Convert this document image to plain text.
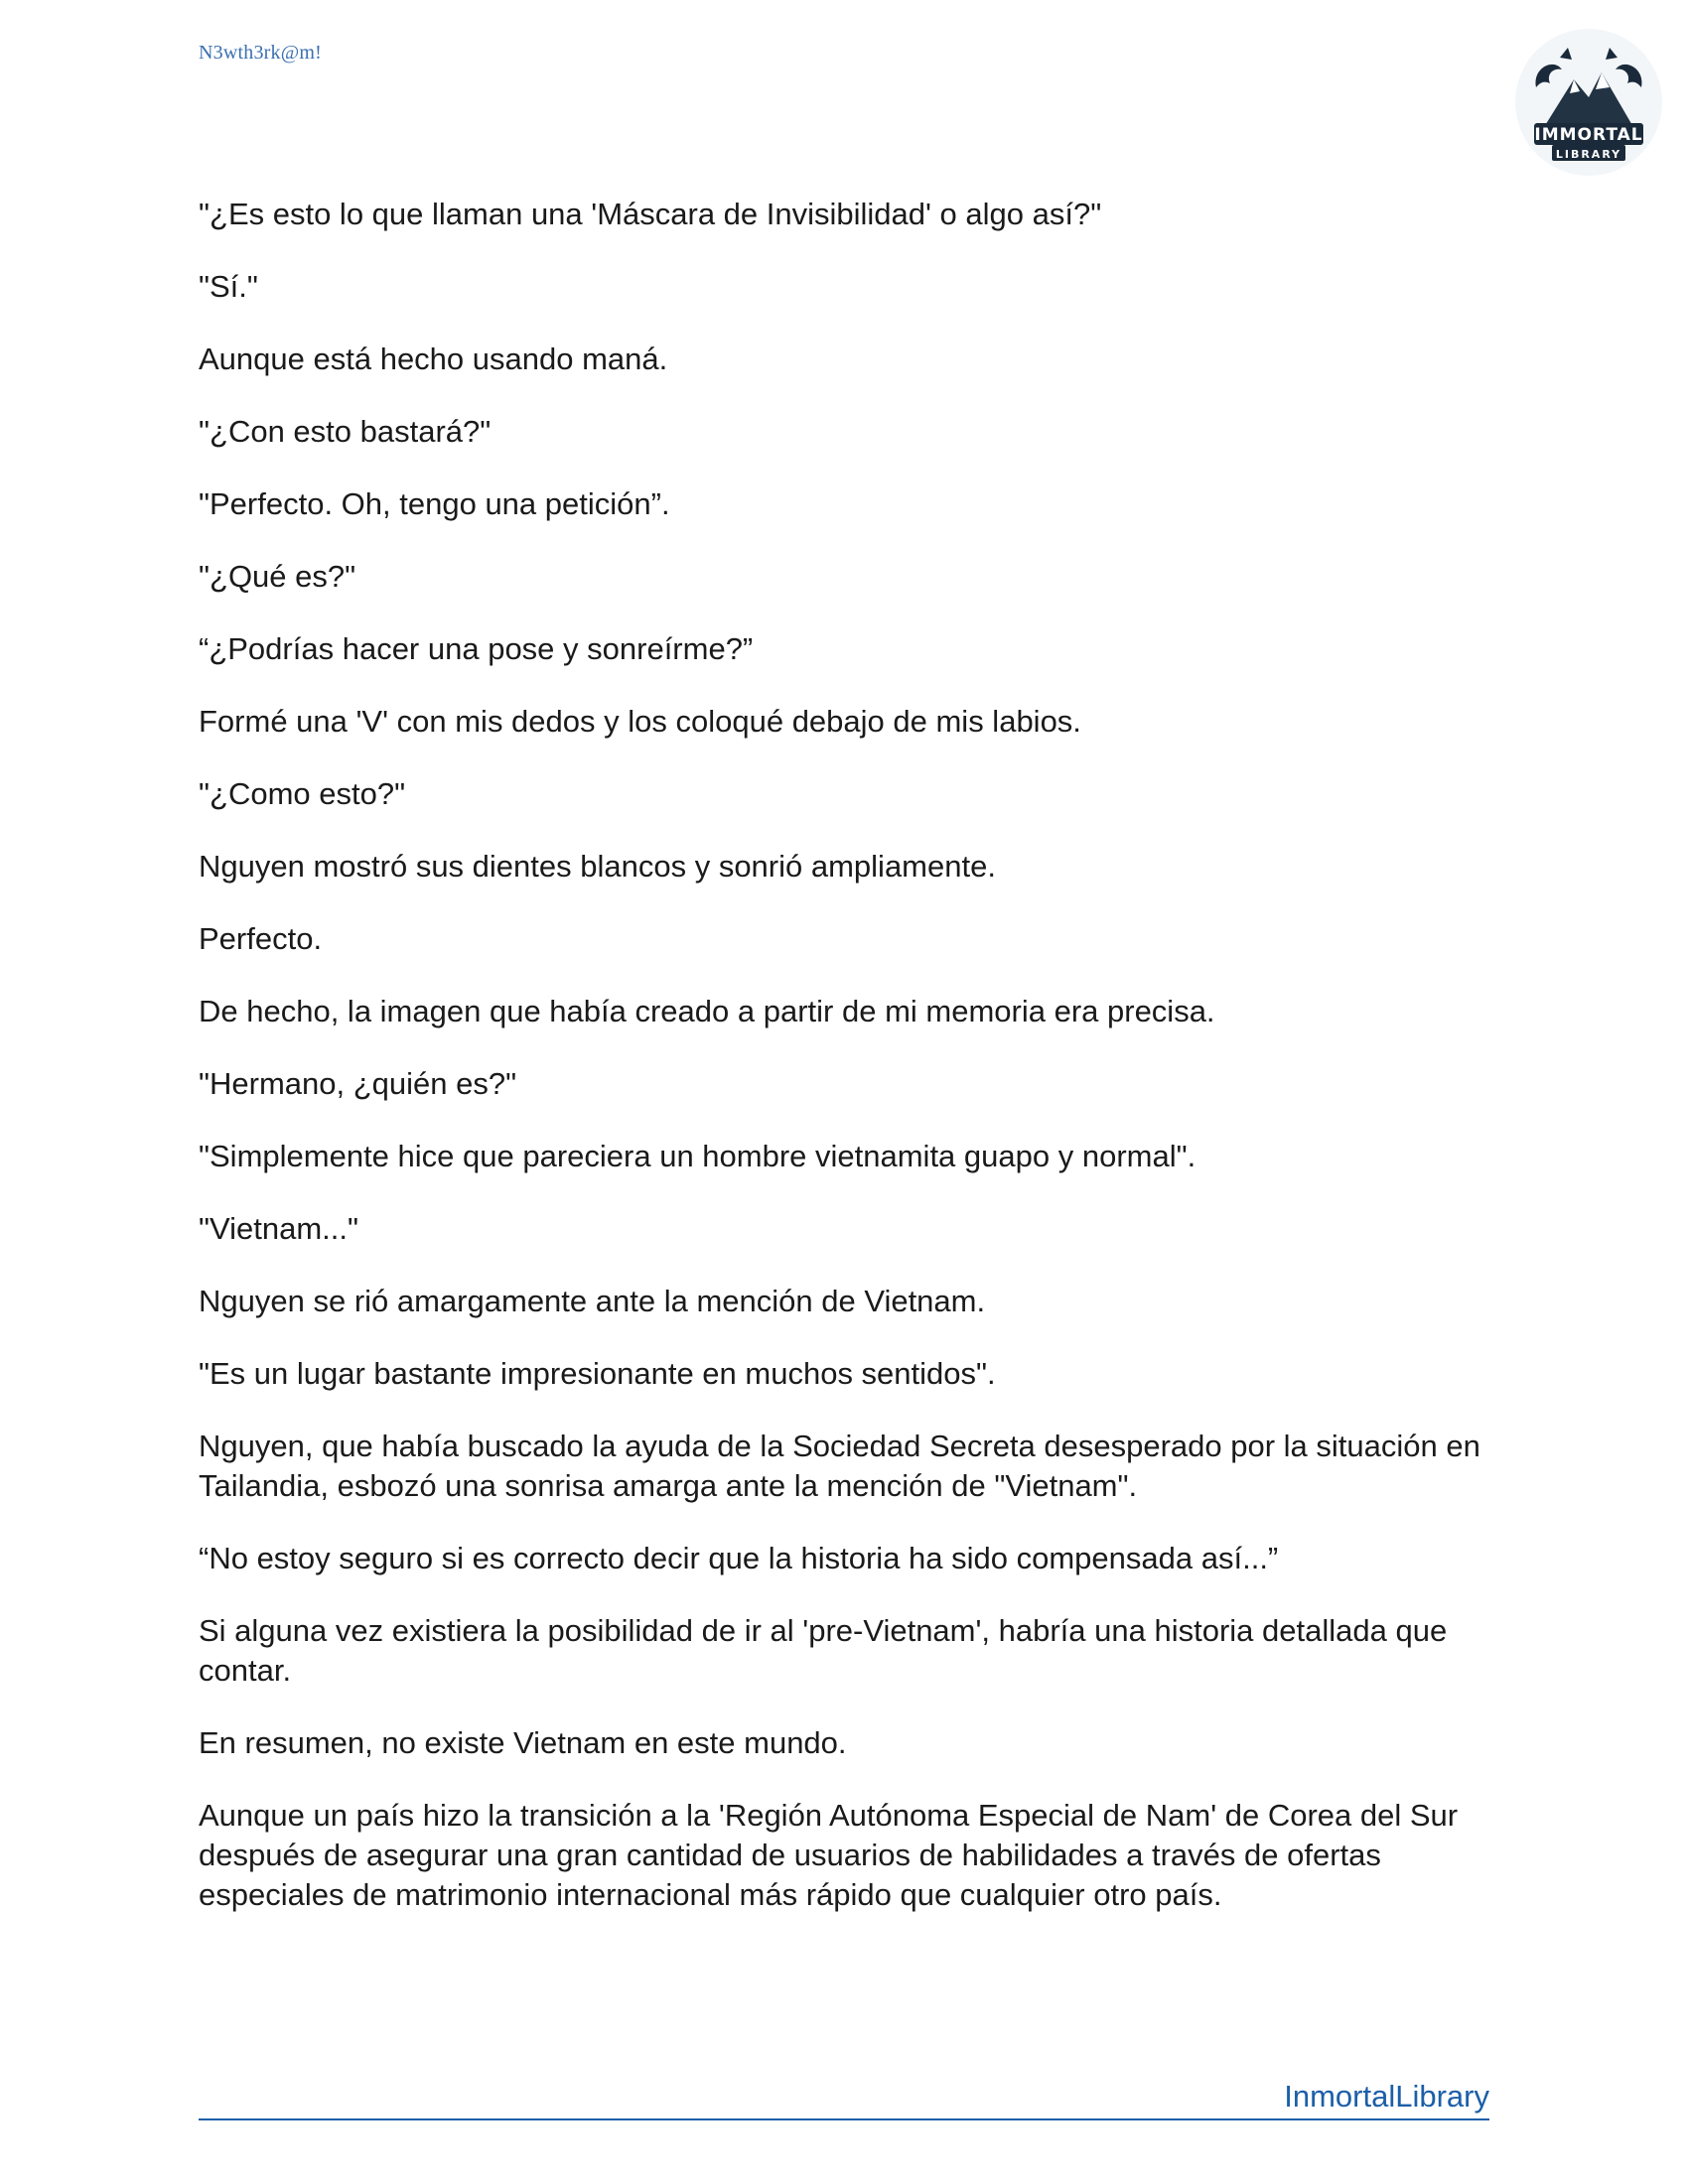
N3wth3rk@m!
IMMORTAL
LIBRARY

"¿Es esto lo que llaman una 'Máscara de Invisibilidad' o algo así?"

"Sí."

Aunque está hecho usando maná.

"¿Con esto bastará?"

"Perfecto. Oh, tengo una petición”.

"¿Qué es?"

“¿Podrías hacer una pose y sonreírme?”

Formé una 'V' con mis dedos y los coloqué debajo de mis labios.

"¿Como esto?"

Nguyen mostró sus dientes blancos y sonrió ampliamente.

Perfecto.

De hecho, la imagen que había creado a partir de mi memoria era precisa.

"Hermano, ¿quién es?"

"Simplemente hice que pareciera un hombre vietnamita guapo y normal".

"Vietnam..."

Nguyen se rió amargamente ante la mención de Vietnam.

"Es un lugar bastante impresionante en muchos sentidos".

Nguyen, que había buscado la ayuda de la Sociedad Secreta desesperado por la situación en Tailandia, esbozó una sonrisa amarga ante la mención de "Vietnam".

“No estoy seguro si es correcto decir que la historia ha sido compensada así...”

Si alguna vez existiera la posibilidad de ir al 'pre-Vietnam', habría una historia detallada que contar.

En resumen, no existe Vietnam en este mundo.

Aunque un país hizo la transición a la 'Región Autónoma Especial de Nam' de Corea del Sur después de asegurar una gran cantidad de usuarios de habilidades a través de ofertas especiales de matrimonio internacional más rápido que cualquier otro país.

InmortalLibrary
